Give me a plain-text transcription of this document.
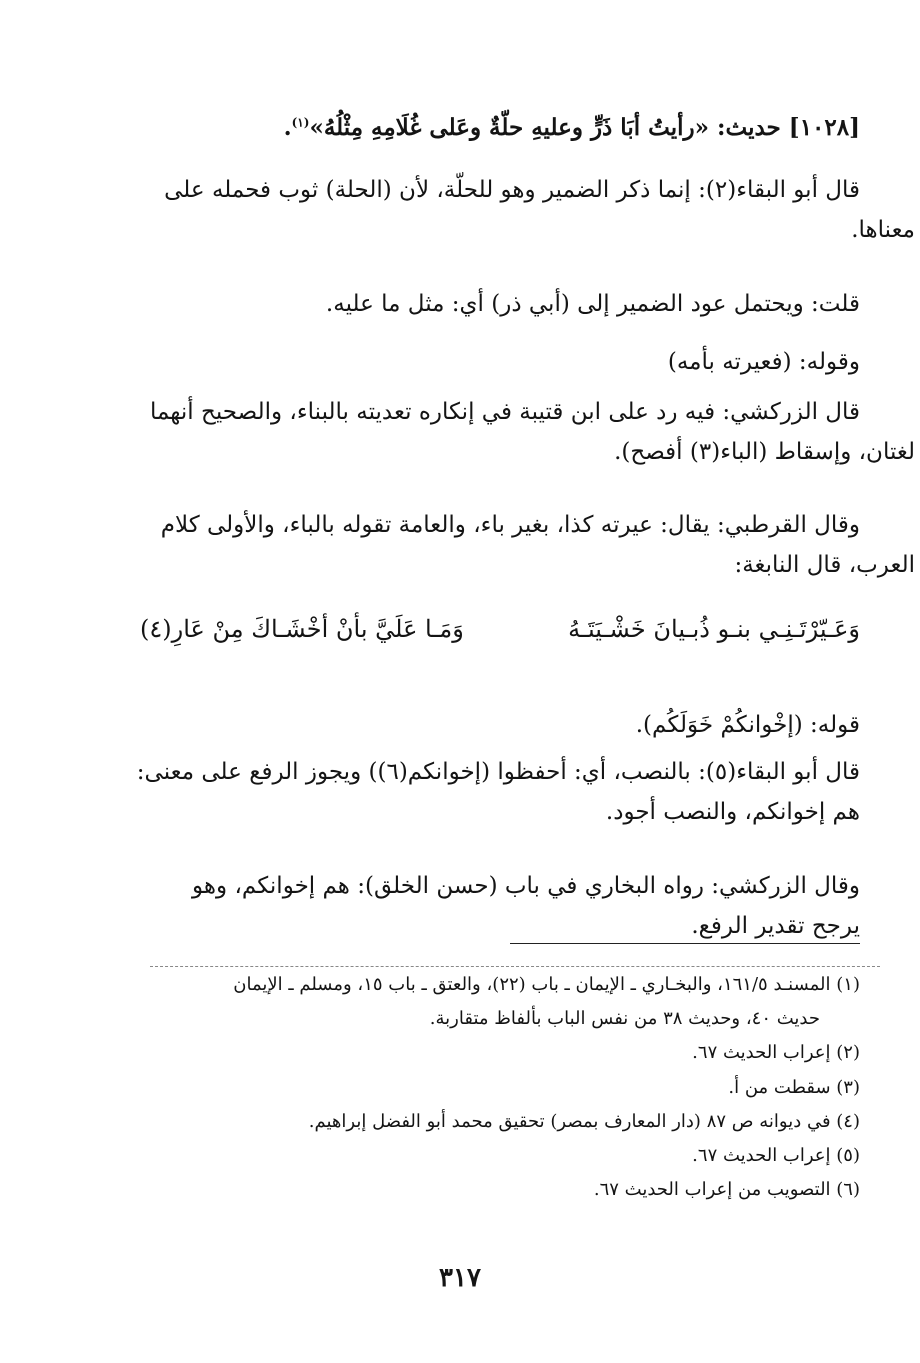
[١٠٢٨] حديث: «رأيتُ أبَا ذَرٍّ وعليهِ حلّةٌ وعَلى غُلَامِهِ مِثْلُهُ»$^{(١)}$.
قال أبو البقاء(٢): إنما ذكر الضمير وهو للحلّة، لأن (الحلة) ثوب فحمله على
معناها.
قلت: ويحتمل عود الضمير إلى (أبي ذر) أي: مثل ما عليه.
وقوله: (فعيرته بأمه)
قال الزركشي: فيه رد على ابن قتيبة في إنكاره تعديته بالبناء، والصحيح أنهما
لغتان، وإسقاط (الباء(٣) أفصح).
وقال القرطبي: يقال: عيرته كذا، بغير باء، والعامة تقوله بالباء، والأولى كلام
العرب، قال النابغة:
وَعَـيّرْتَـنِـي بنـو ذُبـيانَ خَشْـيَتَـهُ
وَمَـا عَلَيَّ بأنْ أخْشَـاكَ مِنْ عَارِ(٤)
قوله: (إخْوانكُمْ خَوَلَكُم).
قال أبو البقاء(٥): بالنصب، أي: أحفظوا (إخوانكم(٦)) ويجوز الرفع على معنى:
هم إخوانكم، والنصب أجود.
وقال الزركشي: رواه البخاري في باب (حسن الخلق): هم إخوانكم، وهو
يرجح تقدير الرفع.
(١) المسنـد ١٦١/٥، والبخـاري ـ الإيمان ـ باب (٢٢)، والعتق ـ باب ١٥، ومسلم ـ الإيمان
حديث ٤٠، وحديث ٣٨ من نفس الباب بألفاظ متقاربة.
(٢) إعراب الحديث ٦٧.
(٣) سقطت من أ.
(٤) في ديوانه ص ٨٧ (دار المعارف بمصر) تحقيق محمد أبو الفضل إبراهيم.
(٥) إعراب الحديث ٦٧.
(٦) التصويب من إعراب الحديث ٦٧.
٣١٧
